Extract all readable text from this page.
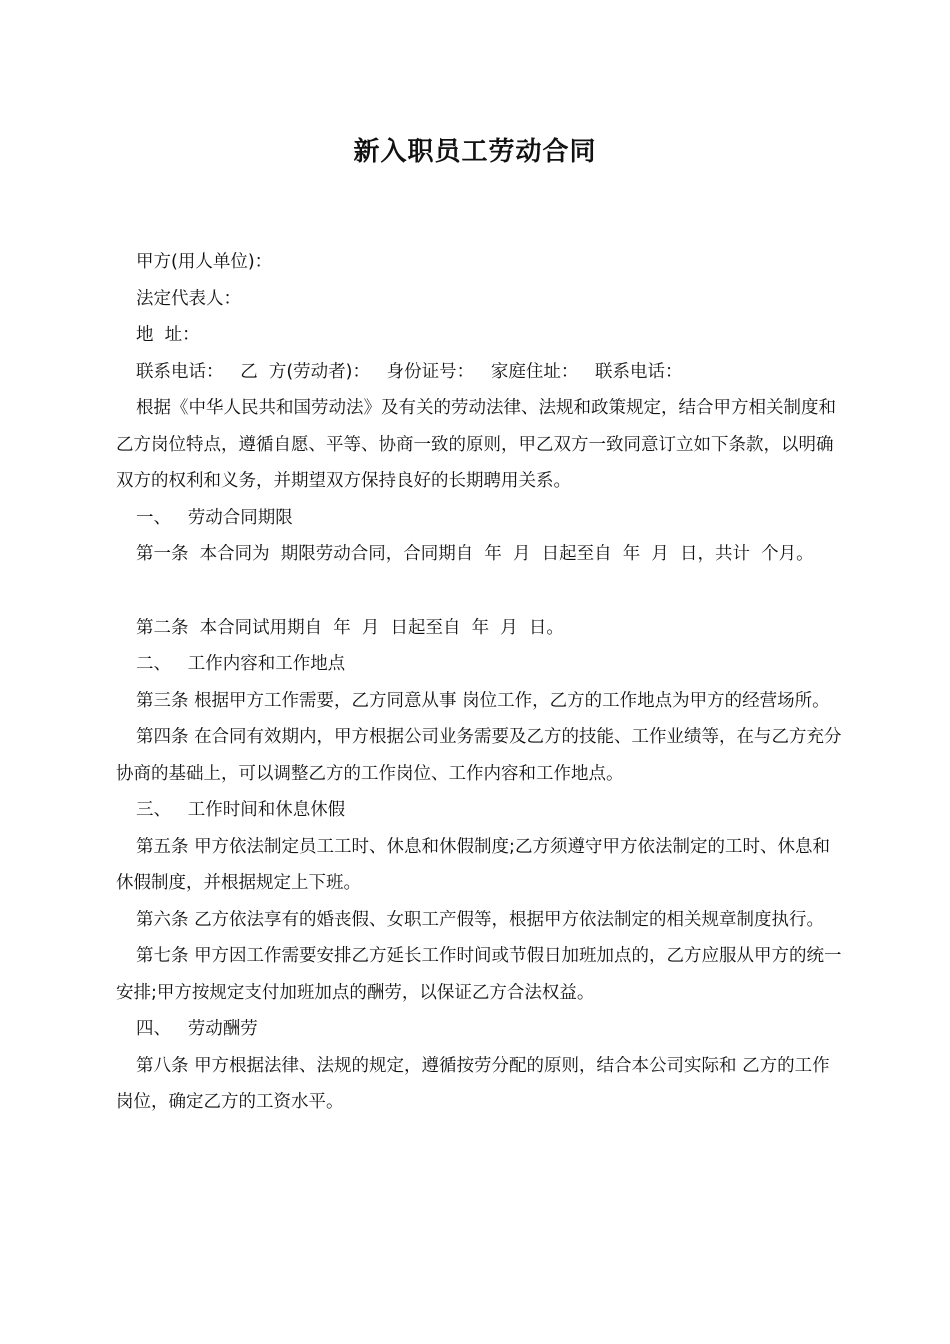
新入职员工劳动合同

甲方(用人单位)：

法定代表人：

地  址：

联系电话：   乙  方(劳动者)：   身份证号：   家庭住址：   联系电话：

根据《中华人民共和国劳动法》及有关的劳动法律、法规和政策规定，结合甲方相关制度和乙方岗位特点，遵循自愿、平等、协商一致的原则，甲乙双方一致同意订立如下条款，以明确双方的权利和义务，并期望双方保持良好的长期聘用关系。

一、   劳动合同期限

第一条  本合同为  期限劳动合同，合同期自  年  月  日起至自  年  月  日，共计  个月。

第二条  本合同试用期自  年  月  日起至自  年  月  日。

二、   工作内容和工作地点

第三条 根据甲方工作需要，乙方同意从事 岗位工作，乙方的工作地点为甲方的经营场所。

第四条 在合同有效期内，甲方根据公司业务需要及乙方的技能、工作业绩等，在与乙方充分协商的基础上，可以调整乙方的工作岗位、工作内容和工作地点。

三、   工作时间和休息休假

第五条 甲方依法制定员工工时、休息和休假制度;乙方须遵守甲方依法制定的工时、休息和休假制度，并根据规定上下班。

第六条 乙方依法享有的婚丧假、女职工产假等，根据甲方依法制定的相关规章制度执行。

第七条 甲方因工作需要安排乙方延长工作时间或节假日加班加点的，乙方应服从甲方的统一安排;甲方按规定支付加班加点的酬劳，以保证乙方合法权益。

四、   劳动酬劳

第八条 甲方根据法律、法规的规定，遵循按劳分配的原则，结合本公司实际和 乙方的工作岗位，确定乙方的工资水平。
